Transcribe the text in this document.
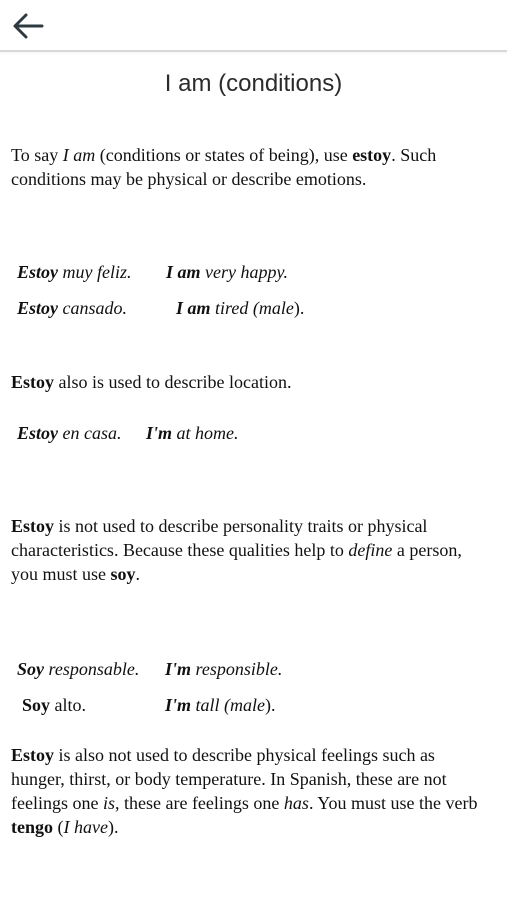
I am (conditions)

To say I am (conditions or states of being), use estoy. Such conditions may be physical or describe emotions.

Estoy muy feliz. I am very happy.
Estoy cansado.	I am tired (male).

Estoy also is used to describe location.

Estoy en casa. I'm at home.

Estoy is not used to describe personality traits or physical characteristics. Because these qualities help to define a person, you must use soy.

Soy responsable. I'm responsible.
Soy alto.	I'm tall (male).

Estoy is also not used to describe physical feelings such as hunger, thirst, or body temperature. In Spanish, these are not feelings one is, these are feelings one has. You must use the verb tengo (I have).
